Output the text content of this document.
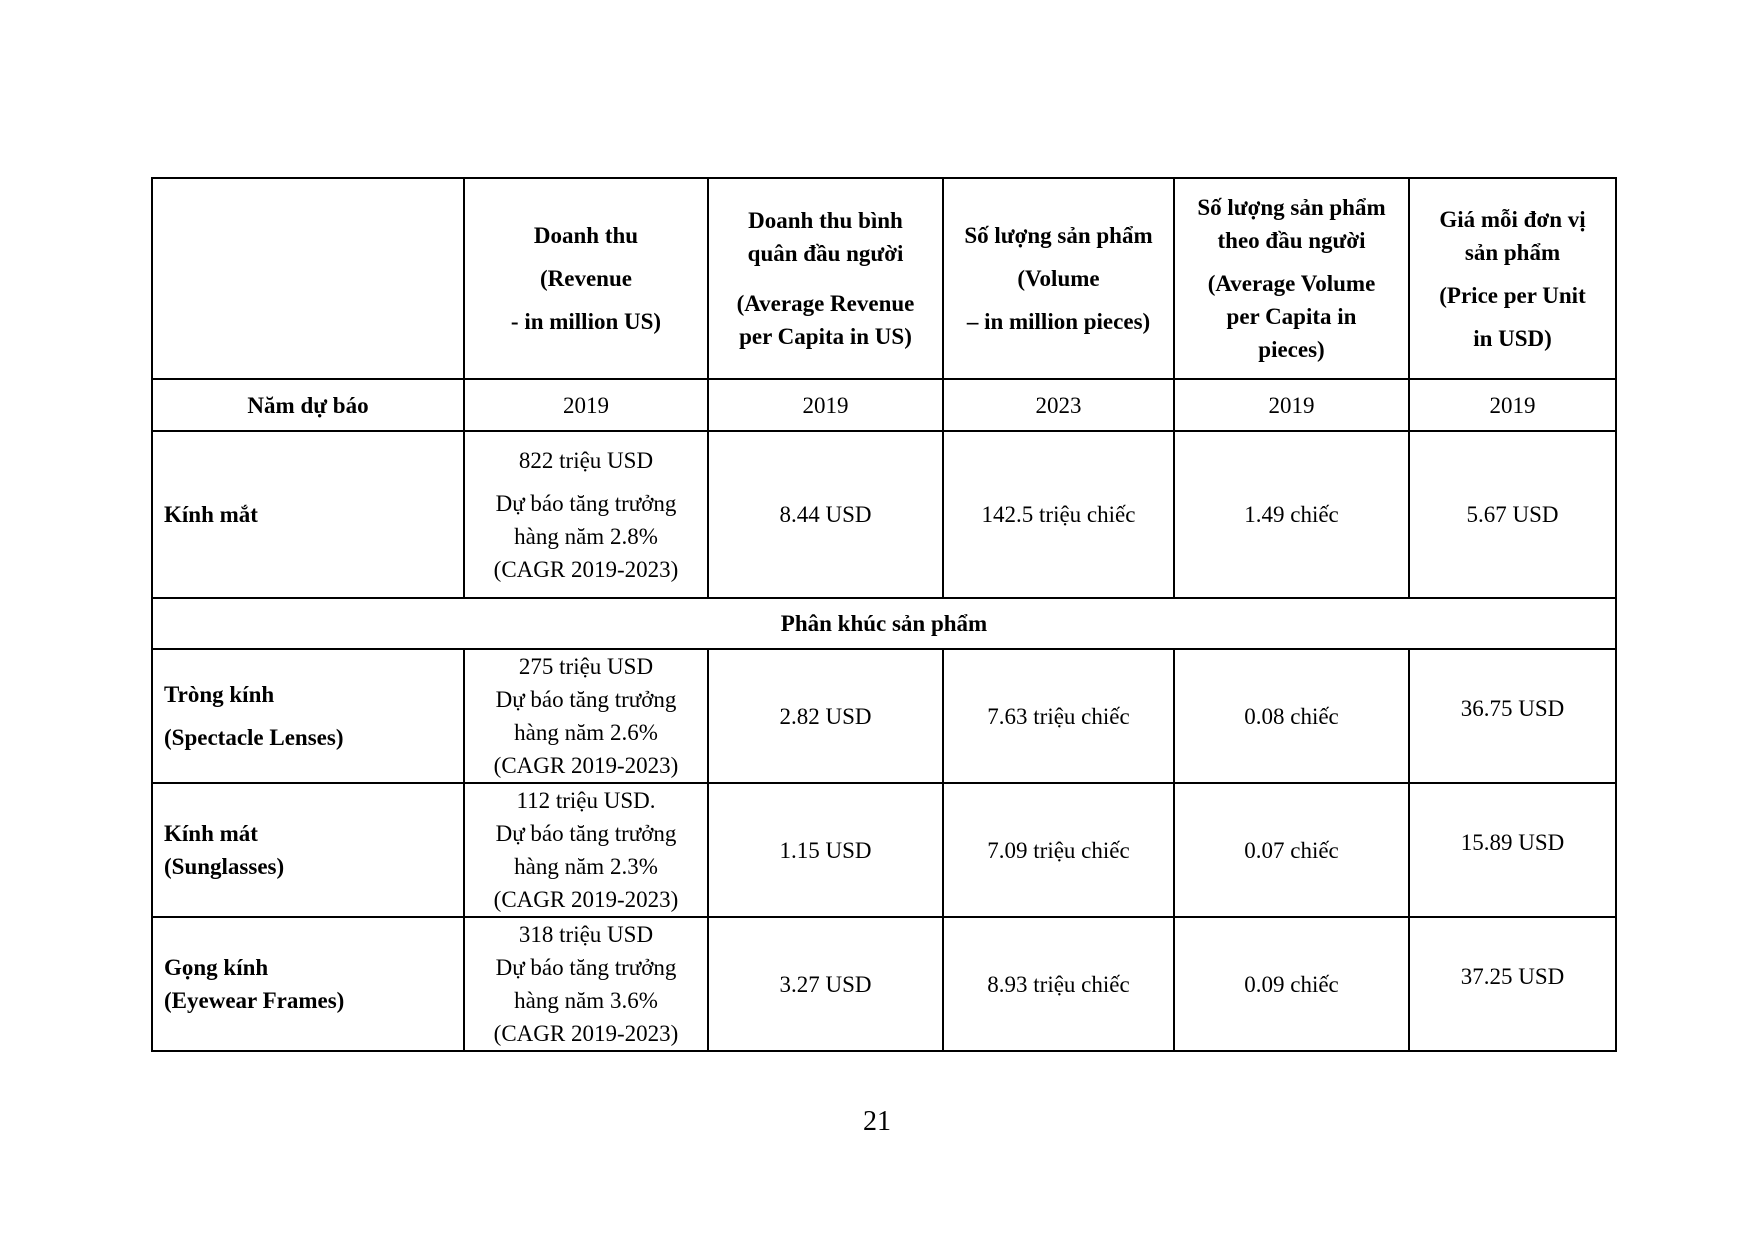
	Doanh thu
(Revenue
- in million US)	Doanh thu bình
quân đầu người
(Average Revenue
per Capita in US)	Số lượng sản phẩm
(Volume
– in million pieces)	Số lượng sản phẩm
theo đầu người
(Average Volume
per Capita in
pieces)	Giá mỗi đơn vị
sản phẩm
(Price per Unit
in USD)

Năm dự báo	2019	2019	2023	2019	2019
Kính mắt	822 triệu USD
Dự báo tăng trưởng
hàng năm 2.8%
(CAGR 2019-2023)	8.44 USD	142.5 triệu chiếc	1.49 chiếc	5.67 USD
Phân khúc sản phẩm					

Tròng kính
(Spectacle Lenses)	275 triệu USD
Dự báo tăng trưởng
hàng năm 2.6%
(CAGR 2019-2023)	2.82 USD	7.63 triệu chiếc	0.08 chiếc	36.75 USD

Kính mát
(Sunglasses)	112 triệu USD.
Dự báo tăng trưởng
hàng năm 2.3%
(CAGR 2019-2023)	1.15 USD	7.09 triệu chiếc	0.07 chiếc	15.89 USD

Gọng kính
(Eyewear Frames)	318 triệu USD
Dự báo tăng trưởng
hàng năm 3.6%
(CAGR 2019-2023)	3.27 USD	8.93 triệu chiếc	0.09 chiếc	37.25 USD
21
